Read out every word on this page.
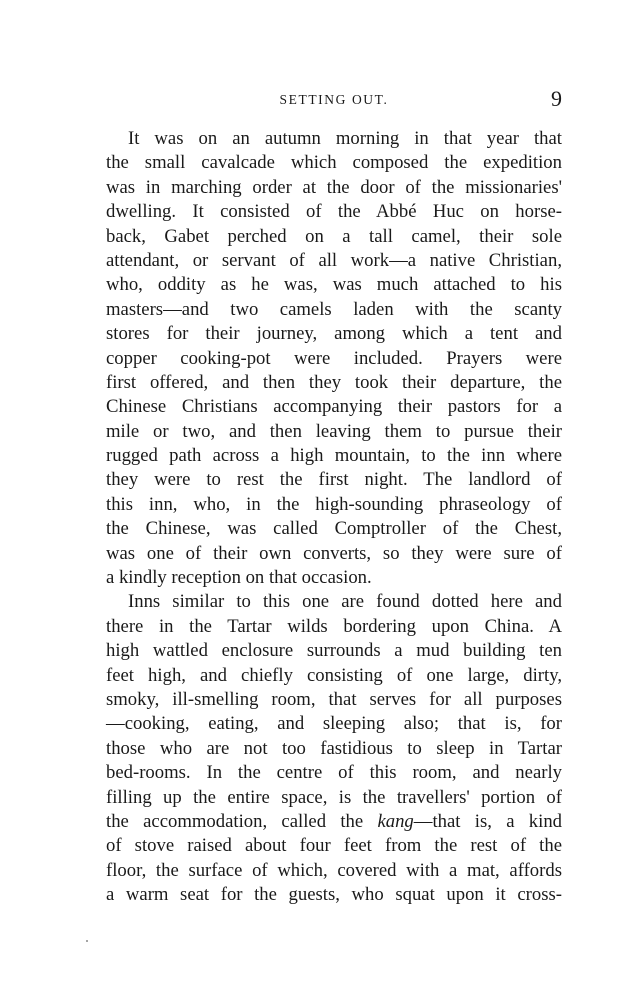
SETTING OUT.	9
It was on an autumn morning in that year that
the small cavalcade which composed the expedition
was in marching order at the door of the missionaries'
dwelling. It consisted of the Abbé Huc on horse-
back, Gabet perched on a tall camel, their sole
attendant, or servant of all work—a native Christian,
who, oddity as he was, was much attached to his
masters—and two camels laden with the scanty
stores for their journey, among which a tent and
copper cooking-pot were included. Prayers were
first offered, and then they took their departure, the
Chinese Christians accompanying their pastors for a
mile or two, and then leaving them to pursue their
rugged path across a high mountain, to the inn where
they were to rest the first night. The landlord of
this inn, who, in the high-sounding phraseology of
the Chinese, was called Comptroller of the Chest,
was one of their own converts, so they were sure of
a kindly reception on that occasion.
Inns similar to this one are found dotted here and
there in the Tartar wilds bordering upon China. A
high wattled enclosure surrounds a mud building ten
feet high, and chiefly consisting of one large, dirty,
smoky, ill-smelling room, that serves for all purposes
—cooking, eating, and sleeping also; that is, for
those who are not too fastidious to sleep in Tartar
bed-rooms. In the centre of this room, and nearly
filling up the entire space, is the travellers' portion of
the accommodation, called the kang—that is, a kind
of stove raised about four feet from the rest of the
floor, the surface of which, covered with a mat, affords
a warm seat for the guests, who squat upon it cross-
